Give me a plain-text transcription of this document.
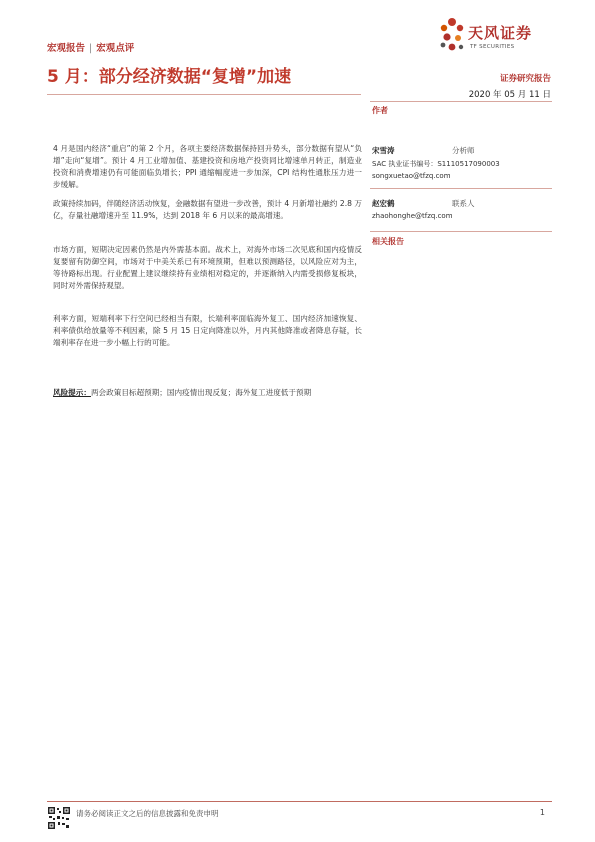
宏观报告 | 宏观点评
天风证券
TF SECURITIES
5 月：部分经济数据“复增”加速	证券研究报告
2020 年 05 月 11 日
作者

4 月是国内经济“重启”的第 2 个月，各项主要经济数据保持回升势头，部分数据有望从“负增”走向“复增”。预计 4 月工业增加值、基建投资和房地产投资同比增速单月转正，制造业投资和消费增速仍有可能面临负增长；PPI 通缩幅度进一步加深，CPI 结构性通胀压力进一步缓解。

政策持续加码，伴随经济活动恢复，金融数据有望进一步改善，预计 4 月新增社融约 2.8 万亿，存量社融增速升至 11.9%，达到 2018 年 6 月以来的最高增速。

市场方面，短期决定因素仍然是内外需基本面。战术上，对海外市场二次见底和国内疫情反复要留有防御空间，市场对于中美关系已有环境预期，但难以预测路径，以风险应对为主，等待路标出现。行业配置上建议继续持有业绩相对稳定的，并逐渐纳入内需受损修复板块，同时对外需保持观望。

利率方面，短端利率下行空间已经相当有限，长端利率面临海外复工、国内经济加速恢复、利率债供给放量等不利因素，除 5 月 15 日定向降准以外，月内其他降准或者降息存疑，长端利率存在进一步小幅上行的可能。

风险提示：两会政策目标超预期；国内疫情出现反复；海外复工进度低于预期

宋雪涛	分析师
SAC 执业证书编号：S1110517090003
songxuetao@tfzq.com
赵宏鹤	联系人
zhaohonghe@tfzq.com
相关报告
请务必阅读正文之后的信息披露和免责申明	1
